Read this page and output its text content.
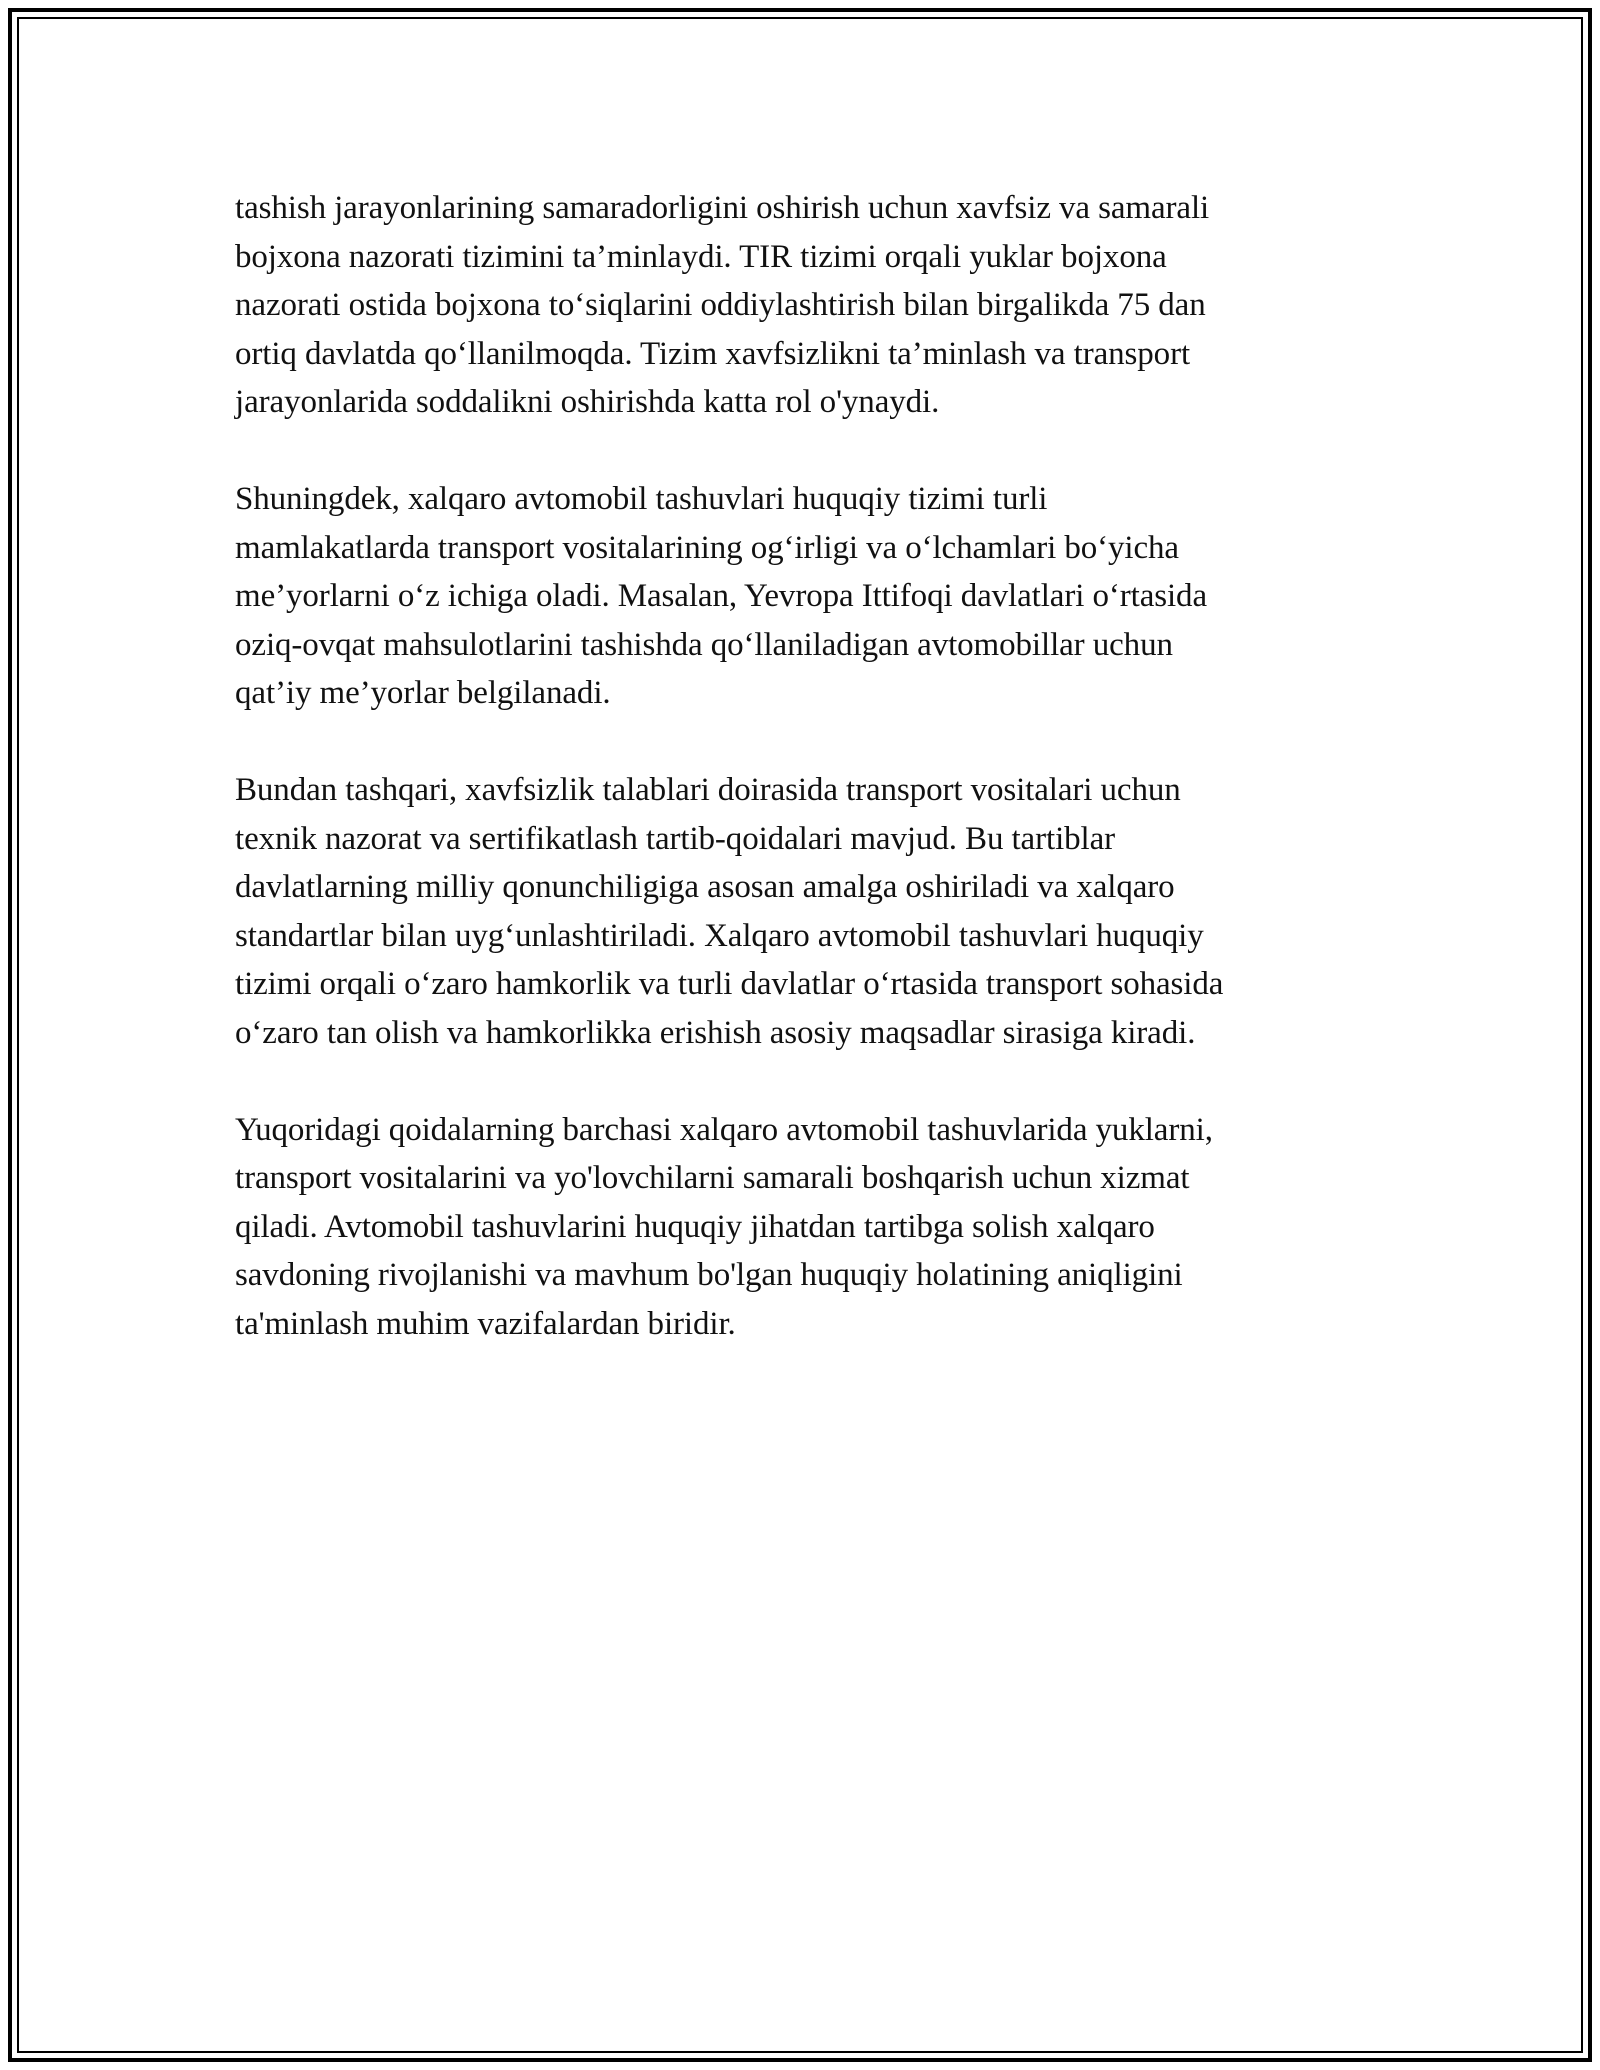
tashish jarayonlarining samaradorligini oshirish uchun xavfsiz va samarali
bojxona nazorati tizimini ta’minlaydi. TIR tizimi orqali yuklar bojxona
nazorati ostida bojxona to‘siqlarini oddiylashtirish bilan birgalikda 75 dan
ortiq davlatda qo‘llanilmoqda. Tizim xavfsizlikni ta’minlash va transport
jarayonlarida soddalikni oshirishda katta rol o'ynaydi.

Shuningdek, xalqaro avtomobil tashuvlari huquqiy tizimi turli
mamlakatlarda transport vositalarining og‘irligi va o‘lchamlari bo‘yicha
me’yorlarni o‘z ichiga oladi. Masalan, Yevropa Ittifoqi davlatlari o‘rtasida
oziq-ovqat mahsulotlarini tashishda qo‘llaniladigan avtomobillar uchun
qat’iy me’yorlar belgilanadi.

Bundan tashqari, xavfsizlik talablari doirasida transport vositalari uchun
texnik nazorat va sertifikatlash tartib-qoidalari mavjud. Bu tartiblar
davlatlarning milliy qonunchiligiga asosan amalga oshiriladi va xalqaro
standartlar bilan uyg‘unlashtiriladi. Xalqaro avtomobil tashuvlari huquqiy
tizimi orqali o‘zaro hamkorlik va turli davlatlar o‘rtasida transport sohasida
o‘zaro tan olish va hamkorlikka erishish asosiy maqsadlar sirasiga kiradi.

Yuqoridagi qoidalarning barchasi xalqaro avtomobil tashuvlarida yuklarni,
transport vositalarini va yo'lovchilarni samarali boshqarish uchun xizmat
qiladi. Avtomobil tashuvlarini huquqiy jihatdan tartibga solish xalqaro
savdoning rivojlanishi va mavhum bo'lgan huquqiy holatining aniqligini
ta'minlash muhim vazifalardan biridir.
